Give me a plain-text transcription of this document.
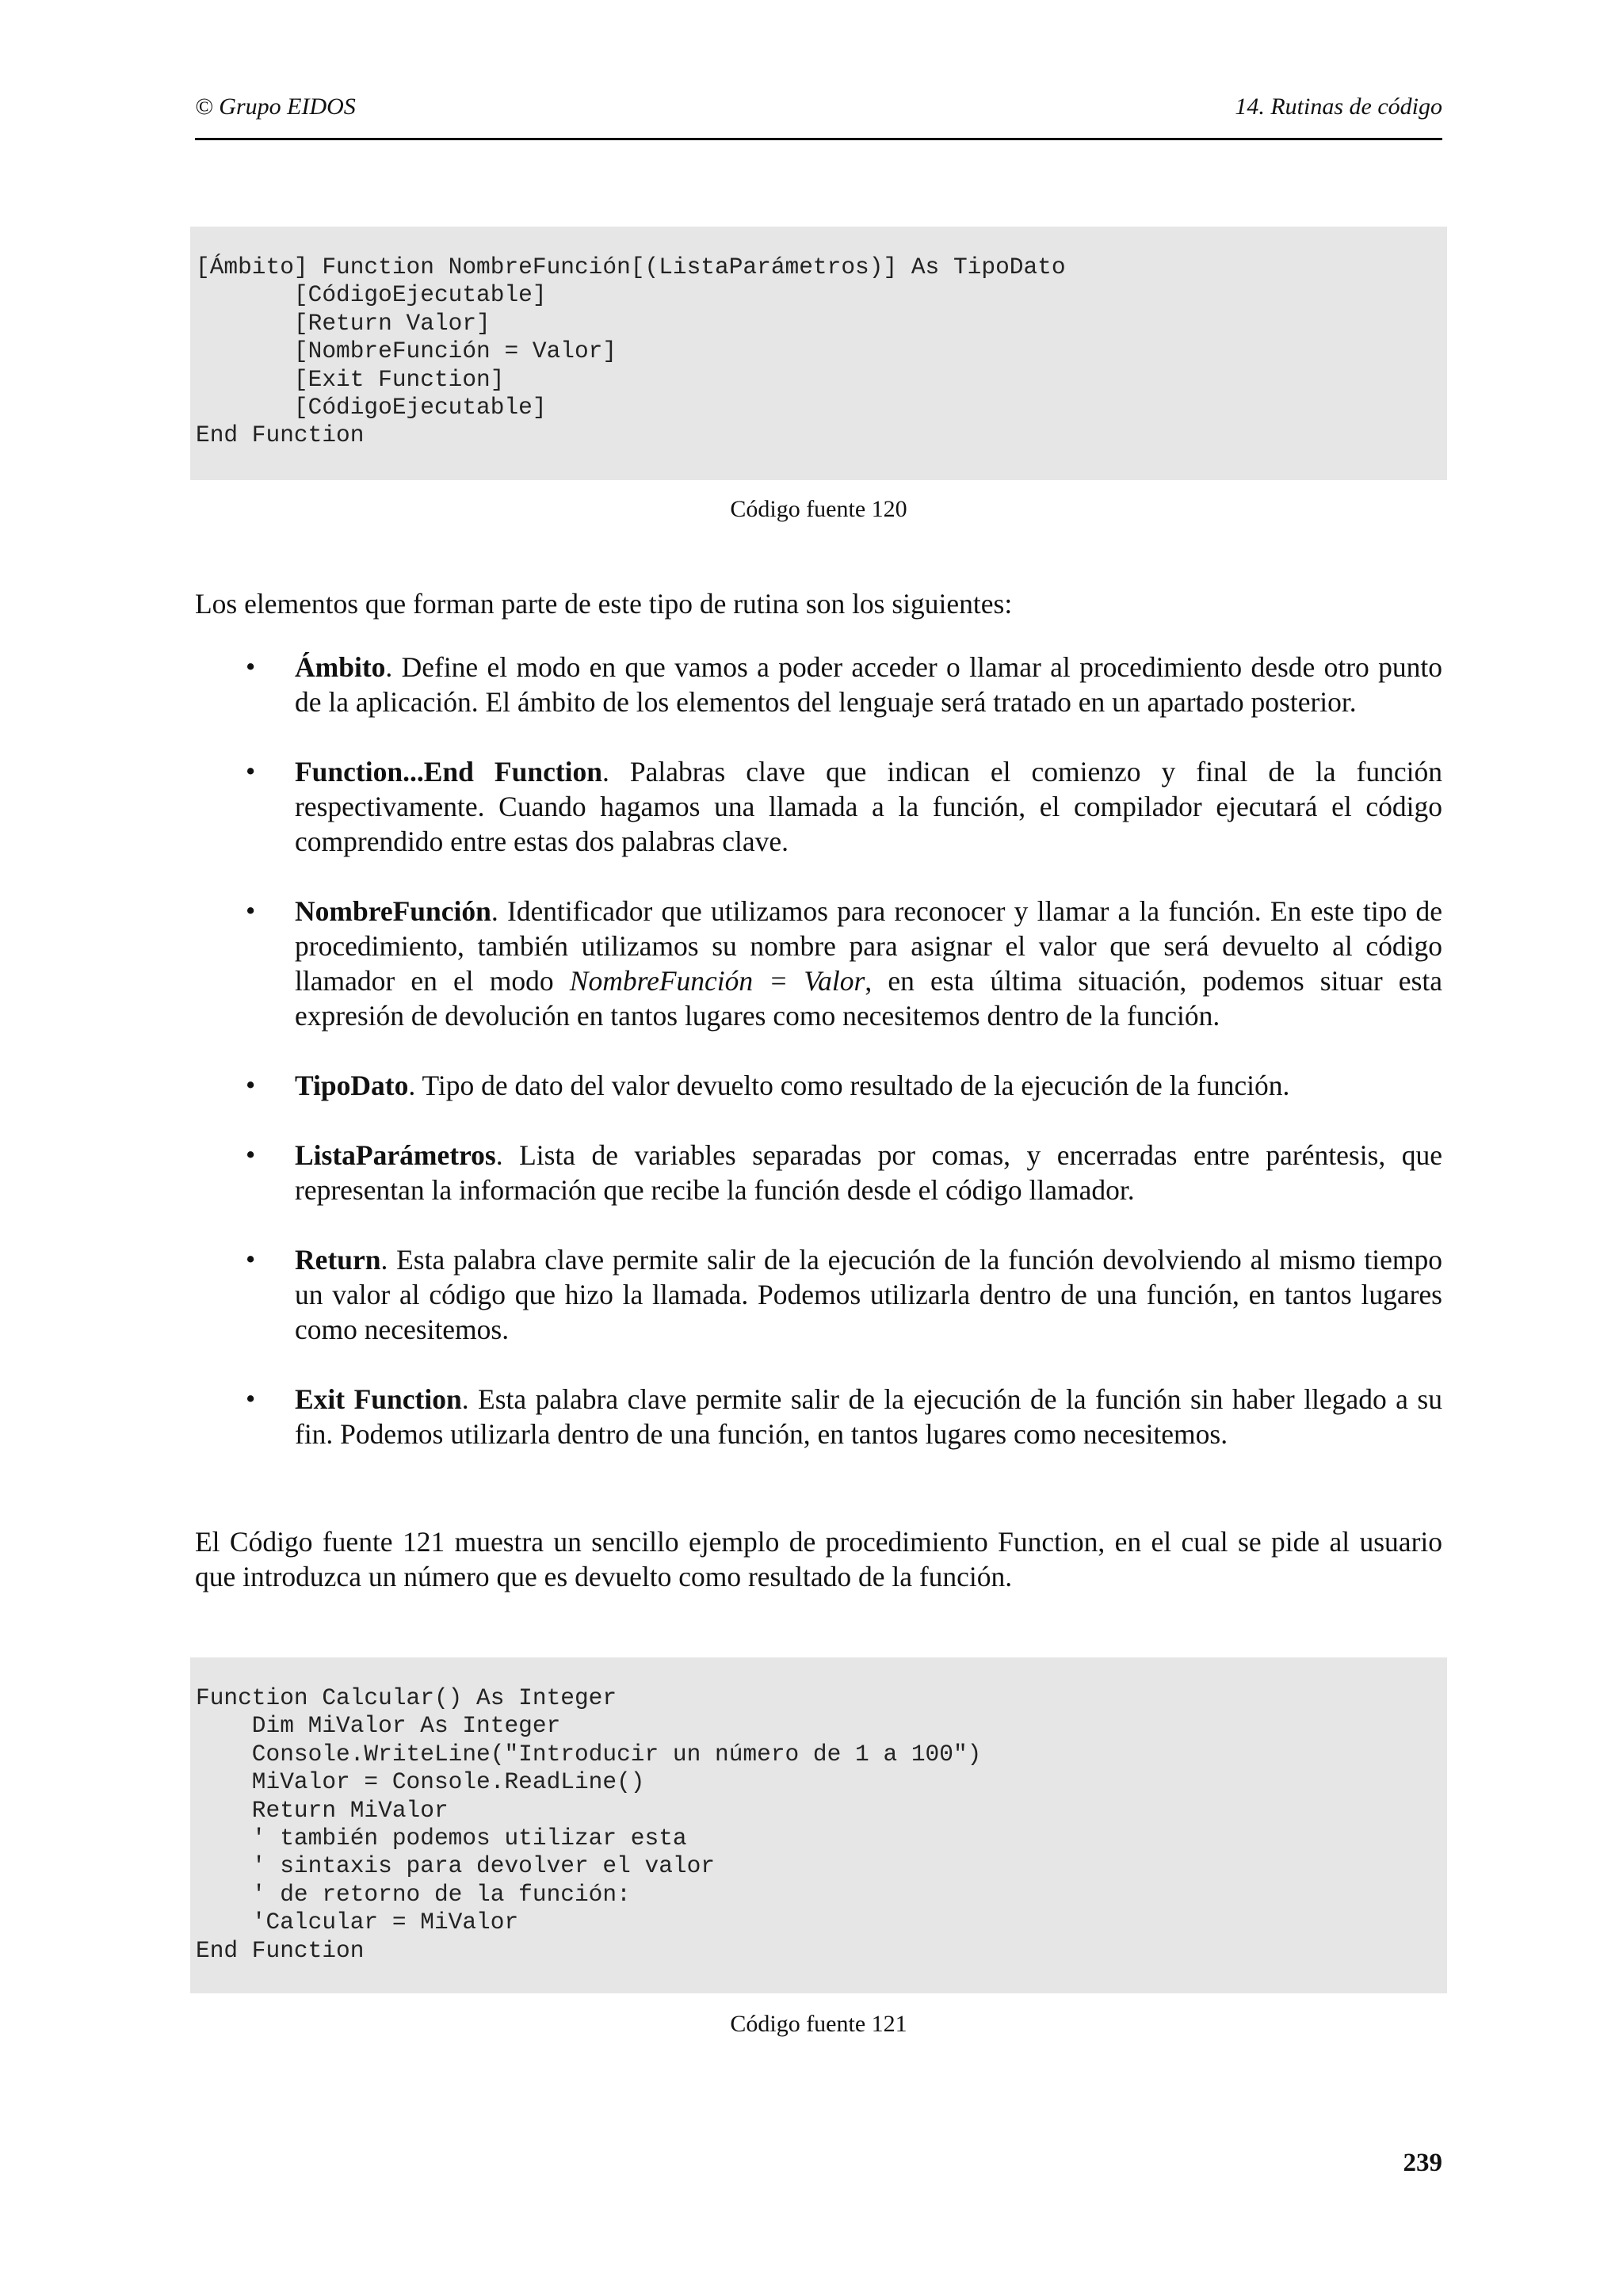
© Grupo EIDOS	14. Rutinas de código
[Ámbito] Function NombreFunción[(ListaParámetros)] As TipoDato
[CódigoEjecutable]
[Return Valor]
[NombreFunción = Valor]
[Exit Function]
[CódigoEjecutable]
End Function
Código fuente 120
Los elementos que forman parte de este tipo de rutina son los siguientes:
• Ámbito. Define el modo en que vamos a poder acceder o llamar al procedimiento desde otro punto de la aplicación. El ámbito de los elementos del lenguaje será tratado en un apartado posterior.
• Function...End Function. Palabras clave que indican el comienzo y final de la función respectivamente. Cuando hagamos una llamada a la función, el compilador ejecutará el código comprendido entre estas dos palabras clave.
• NombreFunción. Identificador que utilizamos para reconocer y llamar a la función. En este tipo de procedimiento, también utilizamos su nombre para asignar el valor que será devuelto al código llamador en el modo NombreFunción = Valor, en esta última situación, podemos situar esta expresión de devolución en tantos lugares como necesitemos dentro de la función.
• TipoDato. Tipo de dato del valor devuelto como resultado de la ejecución de la función.
• ListaParámetros. Lista de variables separadas por comas, y encerradas entre paréntesis, que representan la información que recibe la función desde el código llamador.
• Return. Esta palabra clave permite salir de la ejecución de la función devolviendo al mismo tiempo un valor al código que hizo la llamada. Podemos utilizarla dentro de una función, en tantos lugares como necesitemos.
• Exit Function. Esta palabra clave permite salir de la ejecución de la función sin haber llegado a su fin. Podemos utilizarla dentro de una función, en tantos lugares como necesitemos.
El Código fuente 121 muestra un sencillo ejemplo de procedimiento Function, en el cual se pide al usuario que introduzca un número que es devuelto como resultado de la función.
Function Calcular() As Integer
Dim MiValor As Integer
Console.WriteLine("Introducir un número de 1 a 100")
MiValor = Console.ReadLine()
Return MiValor
' también podemos utilizar esta
' sintaxis para devolver el valor
' de retorno de la función:
'Calcular = MiValor
End Function
Código fuente 121
239
